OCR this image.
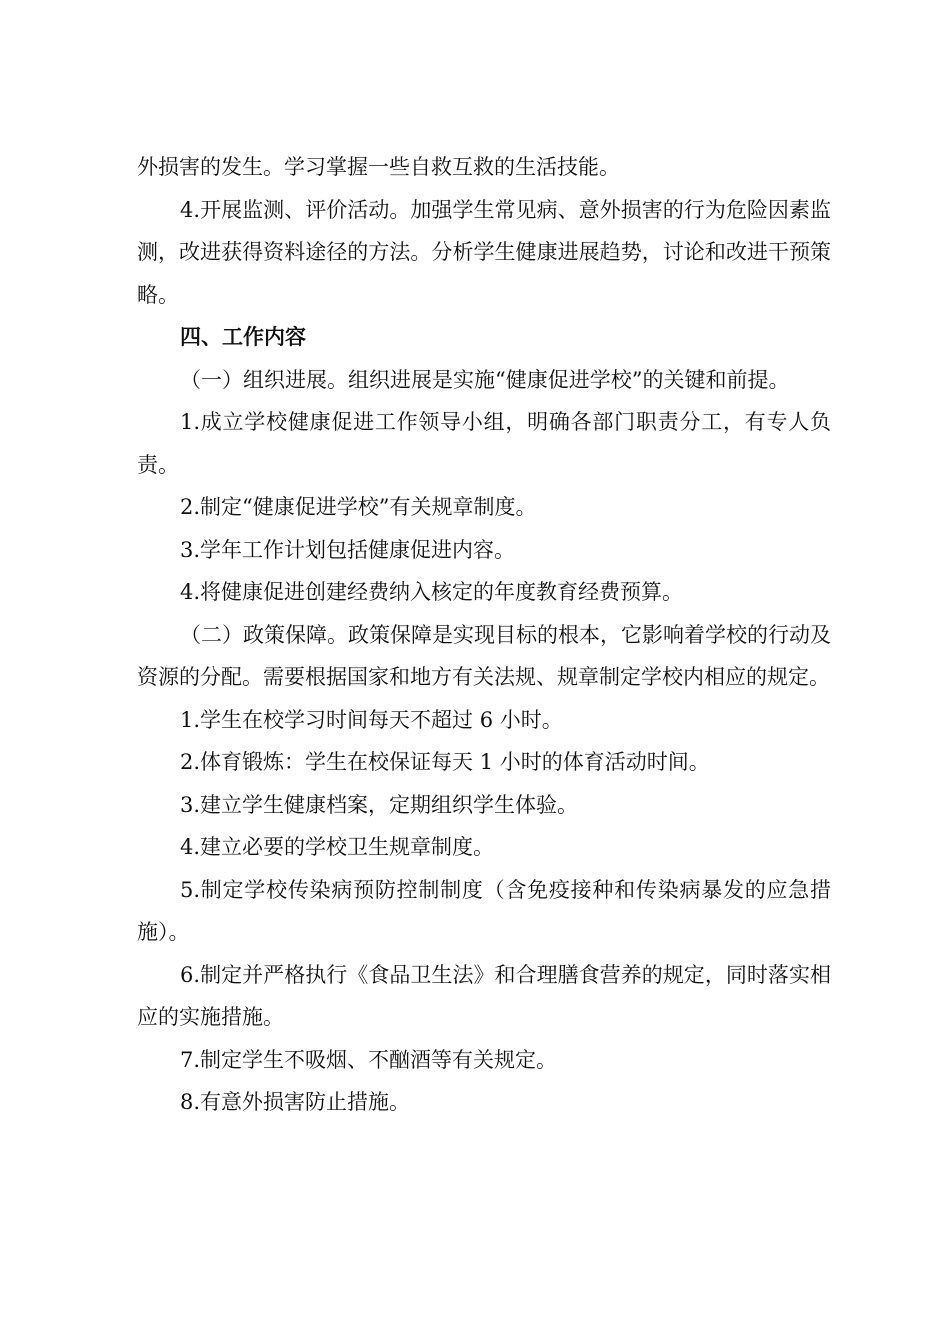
外损害的发生。学习掌握一些自救互救的生活技能。

4.开展监测、评价活动。加强学生常见病、意外损害的行为危险因素监测，改进获得资料途径的方法。分析学生健康进展趋势，讨论和改进干预策略。

四、工作内容

（一）组织进展。组织进展是实施“健康促进学校”的关键和前提。

1.成立学校健康促进工作领导小组，明确各部门职责分工，有专人负责。

2.制定“健康促进学校”有关规章制度。

3.学年工作计划包括健康促进内容。

4.将健康促进创建经费纳入核定的年度教育经费预算。

（二）政策保障。政策保障是实现目标的根本，它影响着学校的行动及资源的分配。需要根据国家和地方有关法规、规章制定学校内相应的规定。

1.学生在校学习时间每天不超过 6 小时。

2.体育锻炼：学生在校保证每天 1 小时的体育活动时间。

3.建立学生健康档案，定期组织学生体验。

4.建立必要的学校卫生规章制度。

5.制定学校传染病预防控制制度（含免疫接种和传染病暴发的应急措施）。

6.制定并严格执行《食品卫生法》和合理膳食营养的规定，同时落实相应的实施措施。

7.制定学生不吸烟、不酗酒等有关规定。

8.有意外损害防止措施。
